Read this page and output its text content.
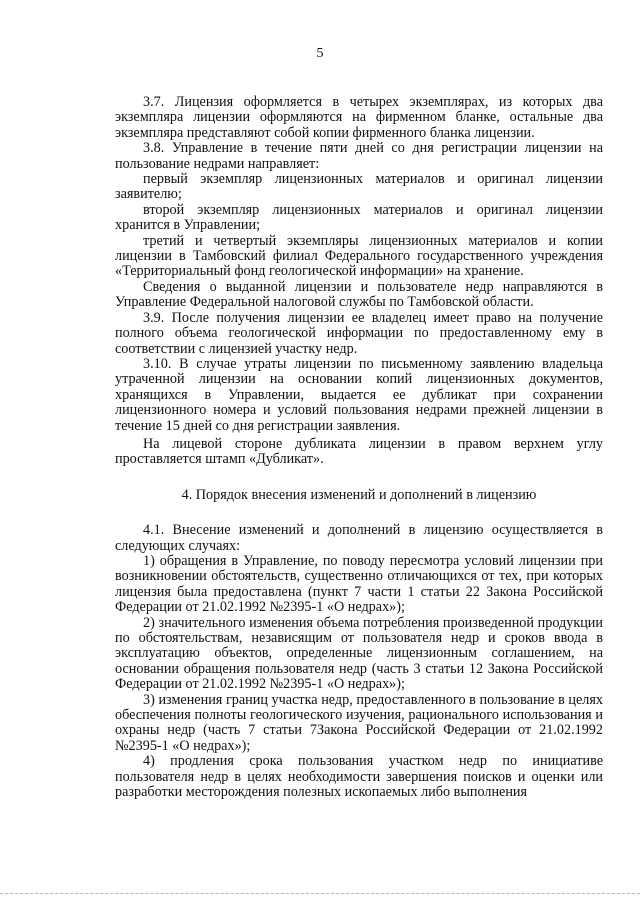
5

3.7. Лицензия оформляется в четырех экземплярах, из которых два экземпляра лицензии оформляются на фирменном бланке, остальные два экземпляра представляют собой копии фирменного бланка лицензии.

3.8. Управление в течение пяти дней со дня регистрации лицензии на пользование недрами направляет:

первый экземпляр лицензионных материалов и оригинал лицензии заявителю;

второй экземпляр лицензионных материалов и оригинал лицензии хранится в Управлении;

третий и четвертый экземпляры лицензионных материалов и копии лицензии в Тамбовский филиал Федерального государственного учреждения «Территориальный фонд геологической информации» на хранение.

Сведения о выданной лицензии и пользователе недр направляются в Управление Федеральной налоговой службы по Тамбовской области.

3.9. После получения лицензии ее владелец имеет право на получение полного объема геологической информации по предоставленному ему в соответствии с лицензией участку недр.

3.10. В случае утраты лицензии по письменному заявлению владельца утраченной лицензии на основании копий лицензионных документов, хранящихся в Управлении, выдается ее дубликат при сохранении лицензионного номера и условий пользования недрами прежней лицензии в течение 15 дней со дня регистрации заявления.

На лицевой стороне дубликата лицензии в правом верхнем углу проставляется штамп «Дубликат».

4. Порядок внесения изменений и дополнений в лицензию

4.1. Внесение изменений и дополнений в лицензию осуществляется в следующих случаях:

1) обращения в Управление, по поводу пересмотра условий лицензии при возникновении обстоятельств, существенно отличающихся от тех, при которых лицензия была предоставлена (пункт 7 части 1 статьи 22 Закона Российской Федерации от 21.02.1992 №2395-1 «О недрах»);

2) значительного изменения объема потребления произведенной продукции по обстоятельствам, независящим от пользователя недр и сроков ввода в эксплуатацию объектов, определенные лицензионным соглашением, на основании обращения пользователя недр (часть 3 статьи 12 Закона Российской Федерации от 21.02.1992 №2395-1 «О недрах»);

3) изменения границ участка недр, предоставленного в пользование в целях обеспечения полноты геологического изучения, рационального использования и охраны недр (часть 7 статьи 7Закона Российской Федерации от 21.02.1992 №2395-1 «О недрах»);

4) продления срока пользования участком недр по инициативе пользователя недр в целях необходимости завершения поисков и оценки или разработки месторождения полезных ископаемых либо выполнения
